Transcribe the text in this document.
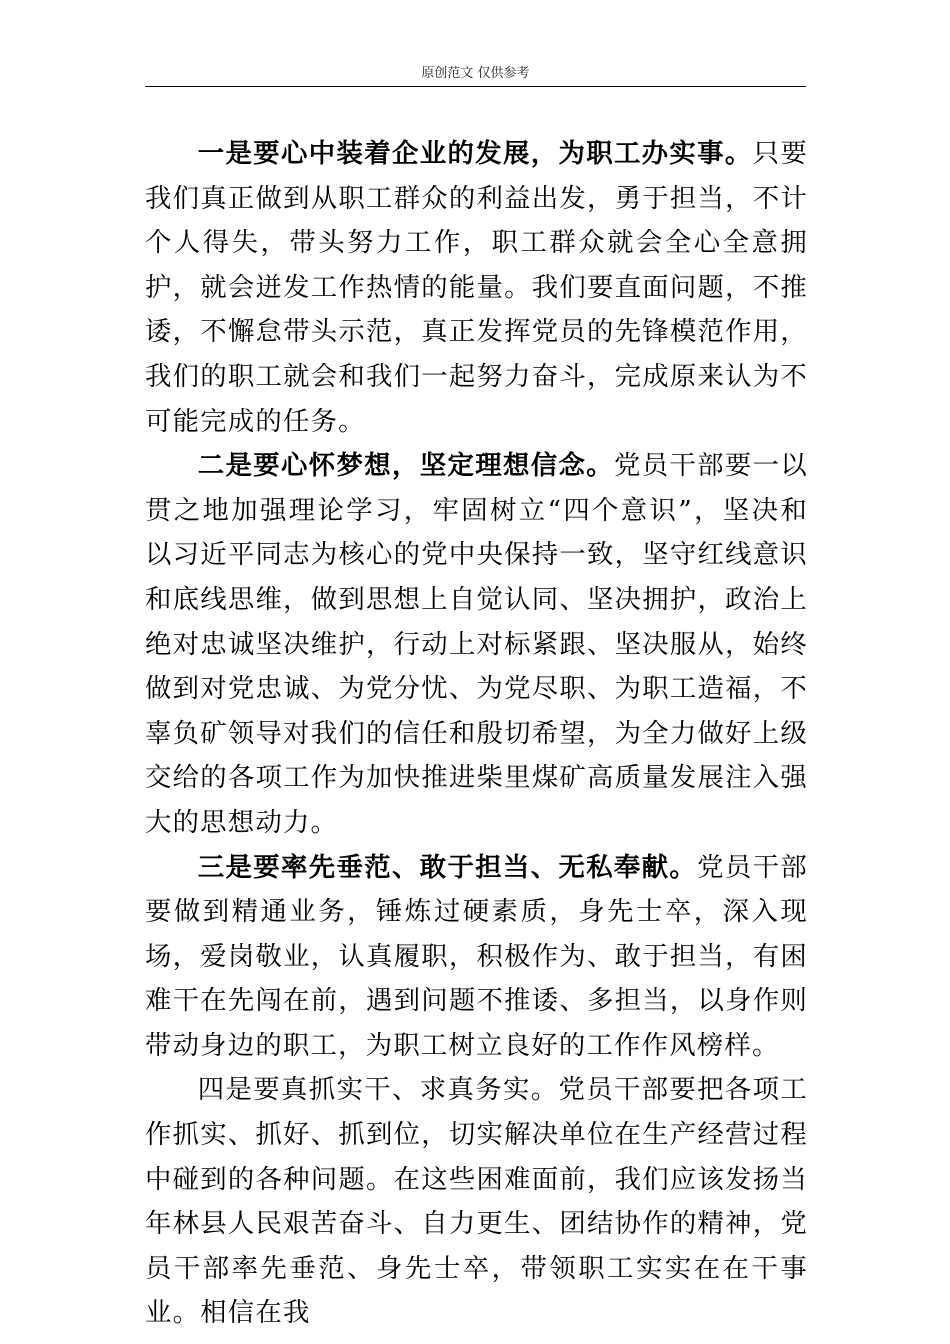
原创范文 仅供参考

一是要心中装着企业的发展，为职工办实事。只要我们真正做到从职工群众的利益出发，勇于担当，不计个人得失，带头努力工作，职工群众就会全心全意拥护，就会迸发工作热情的能量。我们要直面问题，不推诿，不懈怠带头示范，真正发挥党员的先锋模范作用，我们的职工就会和我们一起努力奋斗，完成原来认为不可能完成的任务。

二是要心怀梦想，坚定理想信念。党员干部要一以贯之地加强理论学习，牢固树立“四个意识”，坚决和以习近平同志为核心的党中央保持一致，坚守红线意识和底线思维，做到思想上自觉认同、坚决拥护，政治上绝对忠诚坚决维护，行动上对标紧跟、坚决服从，始终做到对党忠诚、为党分忧、为党尽职、为职工造福，不辜负矿领导对我们的信任和殷切希望，为全力做好上级交给的各项工作为加快推进柴里煤矿高质量发展注入强大的思想动力。

三是要率先垂范、敢于担当、无私奉献。党员干部要做到精通业务，锤炼过硬素质，身先士卒，深入现场，爱岗敬业，认真履职，积极作为、敢于担当，有困难干在先闯在前，遇到问题不推诿、多担当，以身作则带动身边的职工，为职工树立良好的工作作风榜样。

四是要真抓实干、求真务实。党员干部要把各项工作抓实、抓好、抓到位，切实解决单位在生产经营过程中碰到的各种问题。在这些困难面前，我们应该发扬当年林县人民艰苦奋斗、自力更生、团结协作的精神，党员干部率先垂范、身先士卒，带领职工实实在在干事业。相信在我
